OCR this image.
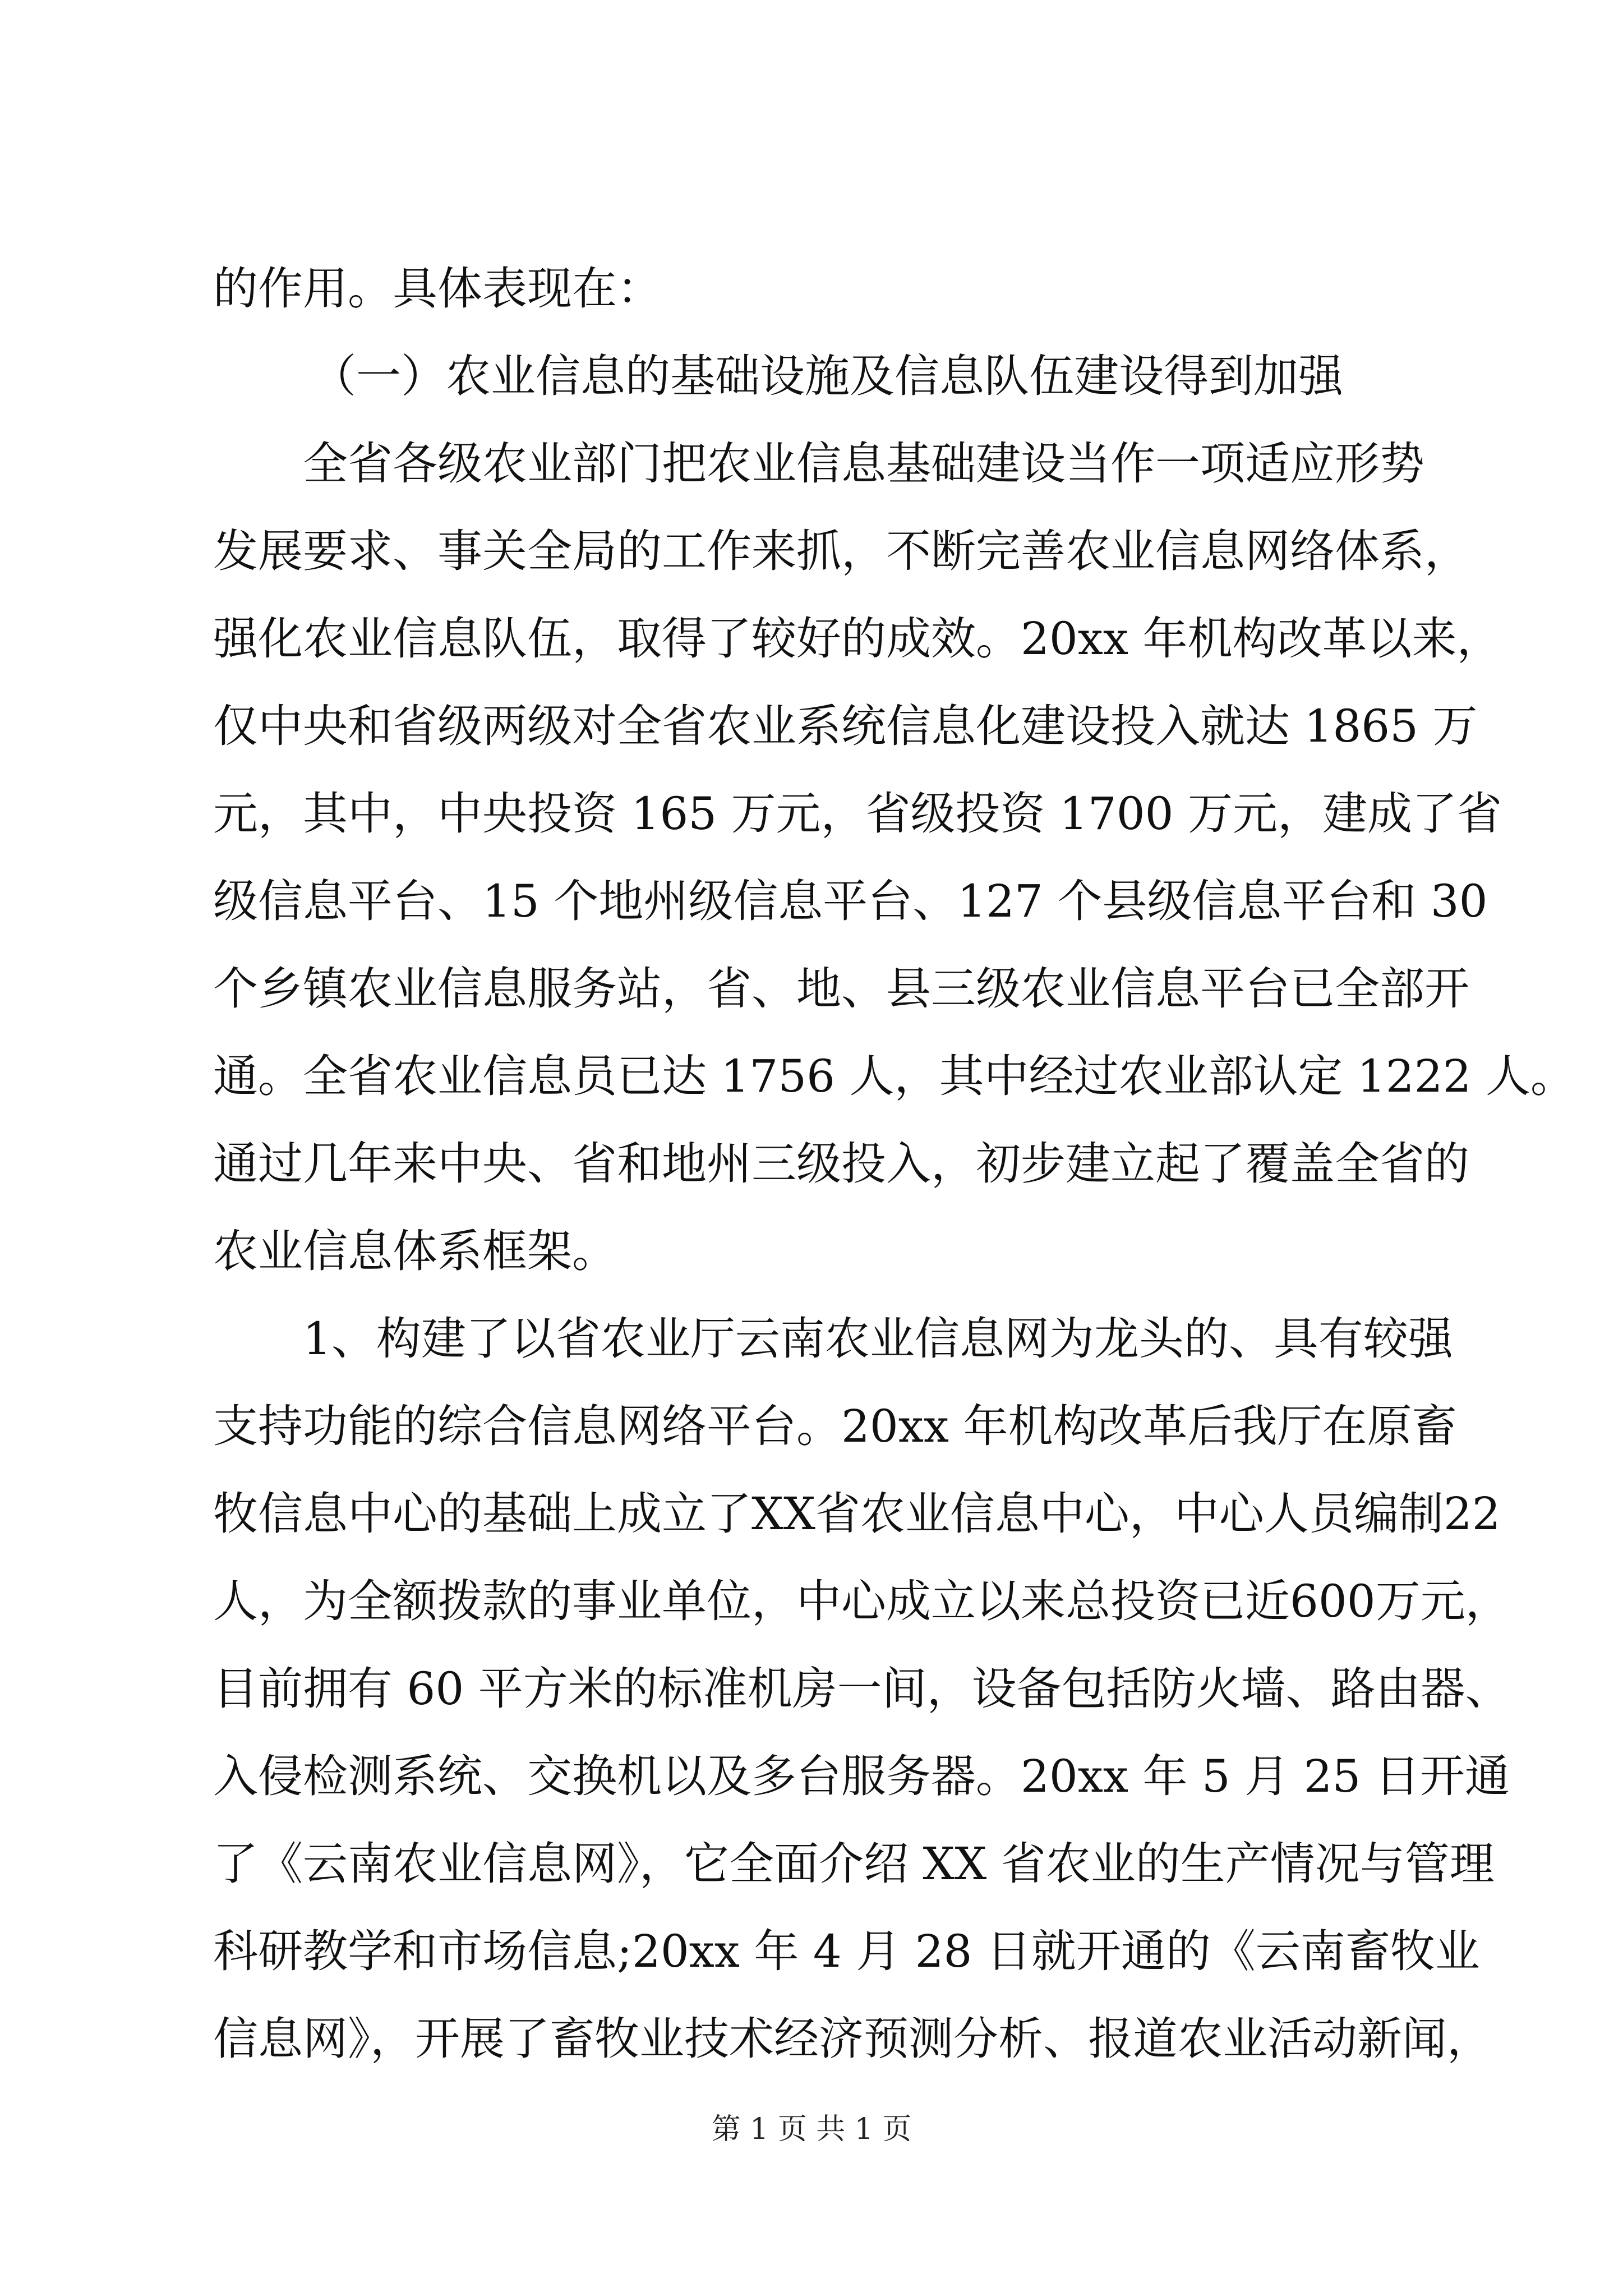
的作用。具体表现在：
（一）农业信息的基础设施及信息队伍建设得到加强
全省各级农业部门把农业信息基础建设当作一项适应形势
发展要求、事关全局的工作来抓，不断完善农业信息网络体系，
强化农业信息队伍，取得了较好的成效。20xx 年机构改革以来，
仅中央和省级两级对全省农业系统信息化建设投入就达 1865 万
元，其中，中央投资 165 万元，省级投资 1700 万元，建成了省
级信息平台、15 个地州级信息平台、127 个县级信息平台和 30
个乡镇农业信息服务站，省、地、县三级农业信息平台已全部开
通。全省农业信息员已达 1756 人，其中经过农业部认定 1222 人。
通过几年来中央、省和地州三级投入，初步建立起了覆盖全省的
农业信息体系框架。
1、构建了以省农业厅云南农业信息网为龙头的、具有较强
支持功能的综合信息网络平台。20xx 年机构改革后我厅在原畜
牧信息中心的基础上成立了XX省农业信息中心，中心人员编制22
人，为全额拨款的事业单位，中心成立以来总投资已近600万元，
目前拥有 60 平方米的标准机房一间，设备包括防火墙、路由器、
入侵检测系统、交换机以及多台服务器。20xx 年 5 月 25 日开通
了《云南农业信息网》，它全面介绍 XX 省农业的生产情况与管理
科研教学和市场信息;20xx 年 4 月 28 日就开通的《云南畜牧业
信息网》，开展了畜牧业技术经济预测分析、报道农业活动新闻，
第 1 页 共 1 页
